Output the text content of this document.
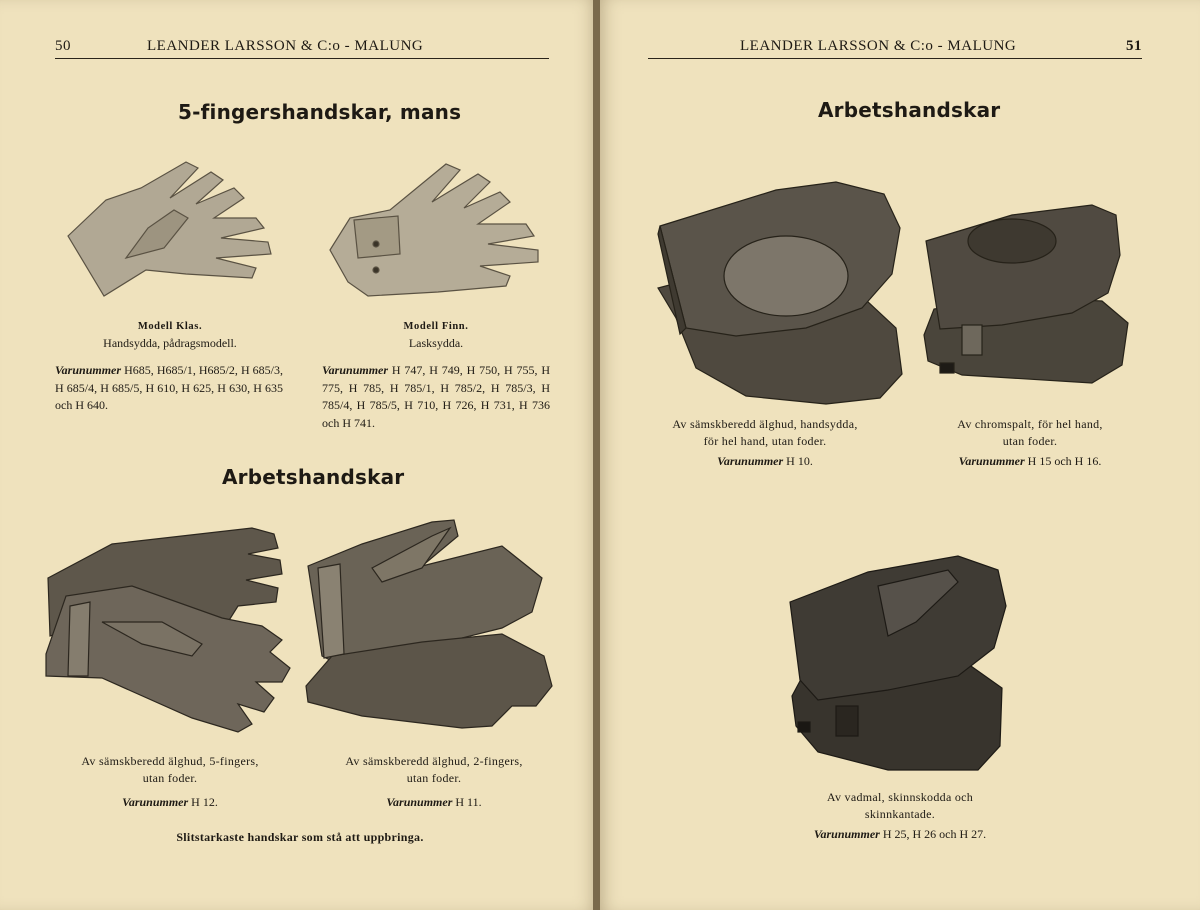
50	LEANDER LARSSON & C:o - MALUNG
5-fingershandskar, mans
Modell Klas.
Handsydda, pådragsmodell.
Varunummer H685, H685/1, H685/2, H 685/3, H 685/4, H 685/5, H 610, H 625, H 630, H 635 och H 640.
Modell Finn.
Lasksydda.
Varunummer H 747, H 749, H 750, H 755, H 775, H 785, H 785/1, H 785/2, H 785/3, H 785/4, H 785/5, H 710, H 726, H 731, H 736 och H 741.
Arbetshandskar
Av sämskberedd älghud, 5-fingers,
utan foder.
Varunummer H 12.
Av sämskberedd älghud, 2-fingers,
utan foder.
Varunummer H 11.
Slitstarkaste handskar som stå att uppbringa.
LEANDER LARSSON & C:o - MALUNG	51
Arbetshandskar
Av sämskberedd älghud, handsydda,
för hel hand, utan foder.
Varunummer H 10.
Av chromspalt, för hel hand,
utan foder.
Varunummer H 15 och H 16.
Av vadmal, skinnskodda och
skinnkantade.
Varunummer H 25, H 26 och H 27.
